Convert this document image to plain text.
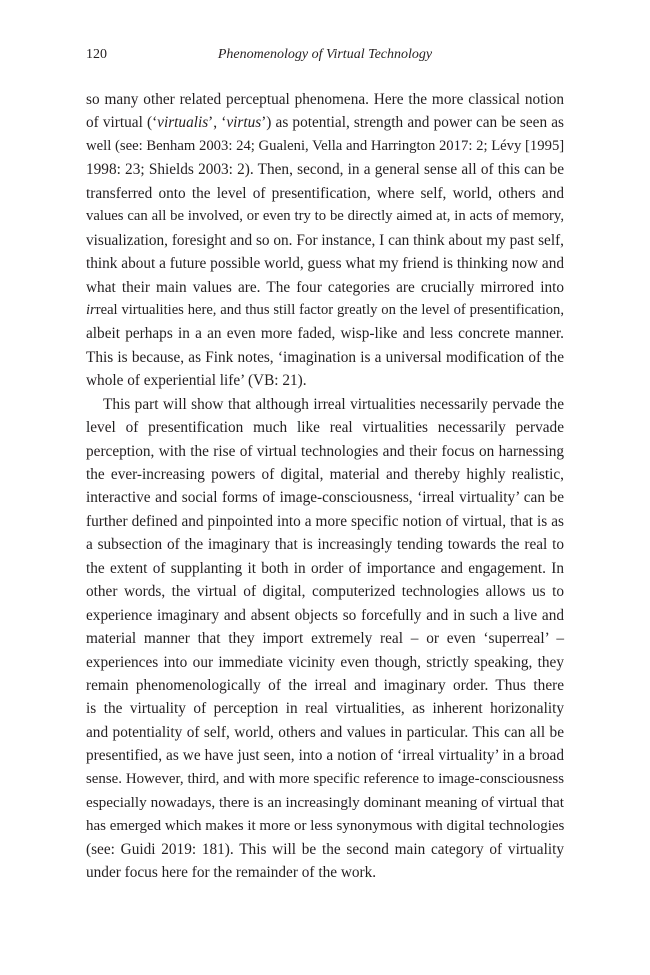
120	Phenomenology of Virtual Technology
so many other related perceptual phenomena. Here the more classical notion
of virtual (‘virtualis’, ‘virtus’) as potential, strength and power can be seen as
well (see: Benham 2003: 24; Gualeni, Vella and Harrington 2017: 2; Lévy [1995]
1998: 23; Shields 2003: 2). Then, second, in a general sense all of this can be
transferred onto the level of presentification, where self, world, others and
values can all be involved, or even try to be directly aimed at, in acts of memory,
visualization, foresight and so on. For instance, I can think about my past self,
think about a future possible world, guess what my friend is thinking now and
what their main values are. The four categories are crucially mirrored into
irreal virtualities here, and thus still factor greatly on the level of presentification,
albeit perhaps in a an even more faded, wisp-like and less concrete manner.
This is because, as Fink notes, ‘imagination is a universal modification of the
whole of experiential life’ (VB: 21).
This part will show that although irreal virtualities necessarily pervade the
level of presentification much like real virtualities necessarily pervade
perception, with the rise of virtual technologies and their focus on harnessing
the ever-increasing powers of digital, material and thereby highly realistic,
interactive and social forms of image-consciousness, ‘irreal virtuality’ can be
further defined and pinpointed into a more specific notion of virtual, that is as
a subsection of the imaginary that is increasingly tending towards the real to
the extent of supplanting it both in order of importance and engagement. In
other words, the virtual of digital, computerized technologies allows us to
experience imaginary and absent objects so forcefully and in such a live and
material manner that they import extremely real – or even ‘superreal’ –
experiences into our immediate vicinity even though, strictly speaking, they
remain phenomenologically of the irreal and imaginary order. Thus there
is the virtuality of perception in real virtualities, as inherent horizonality
and potentiality of self, world, others and values in particular. This can all be
presentified, as we have just seen, into a notion of ‘irreal virtuality’ in a broad
sense. However, third, and with more specific reference to image-consciousness
especially nowadays, there is an increasingly dominant meaning of virtual that
has emerged which makes it more or less synonymous with digital technologies
(see: Guidi 2019: 181). This will be the second main category of virtuality
under focus here for the remainder of the work.
